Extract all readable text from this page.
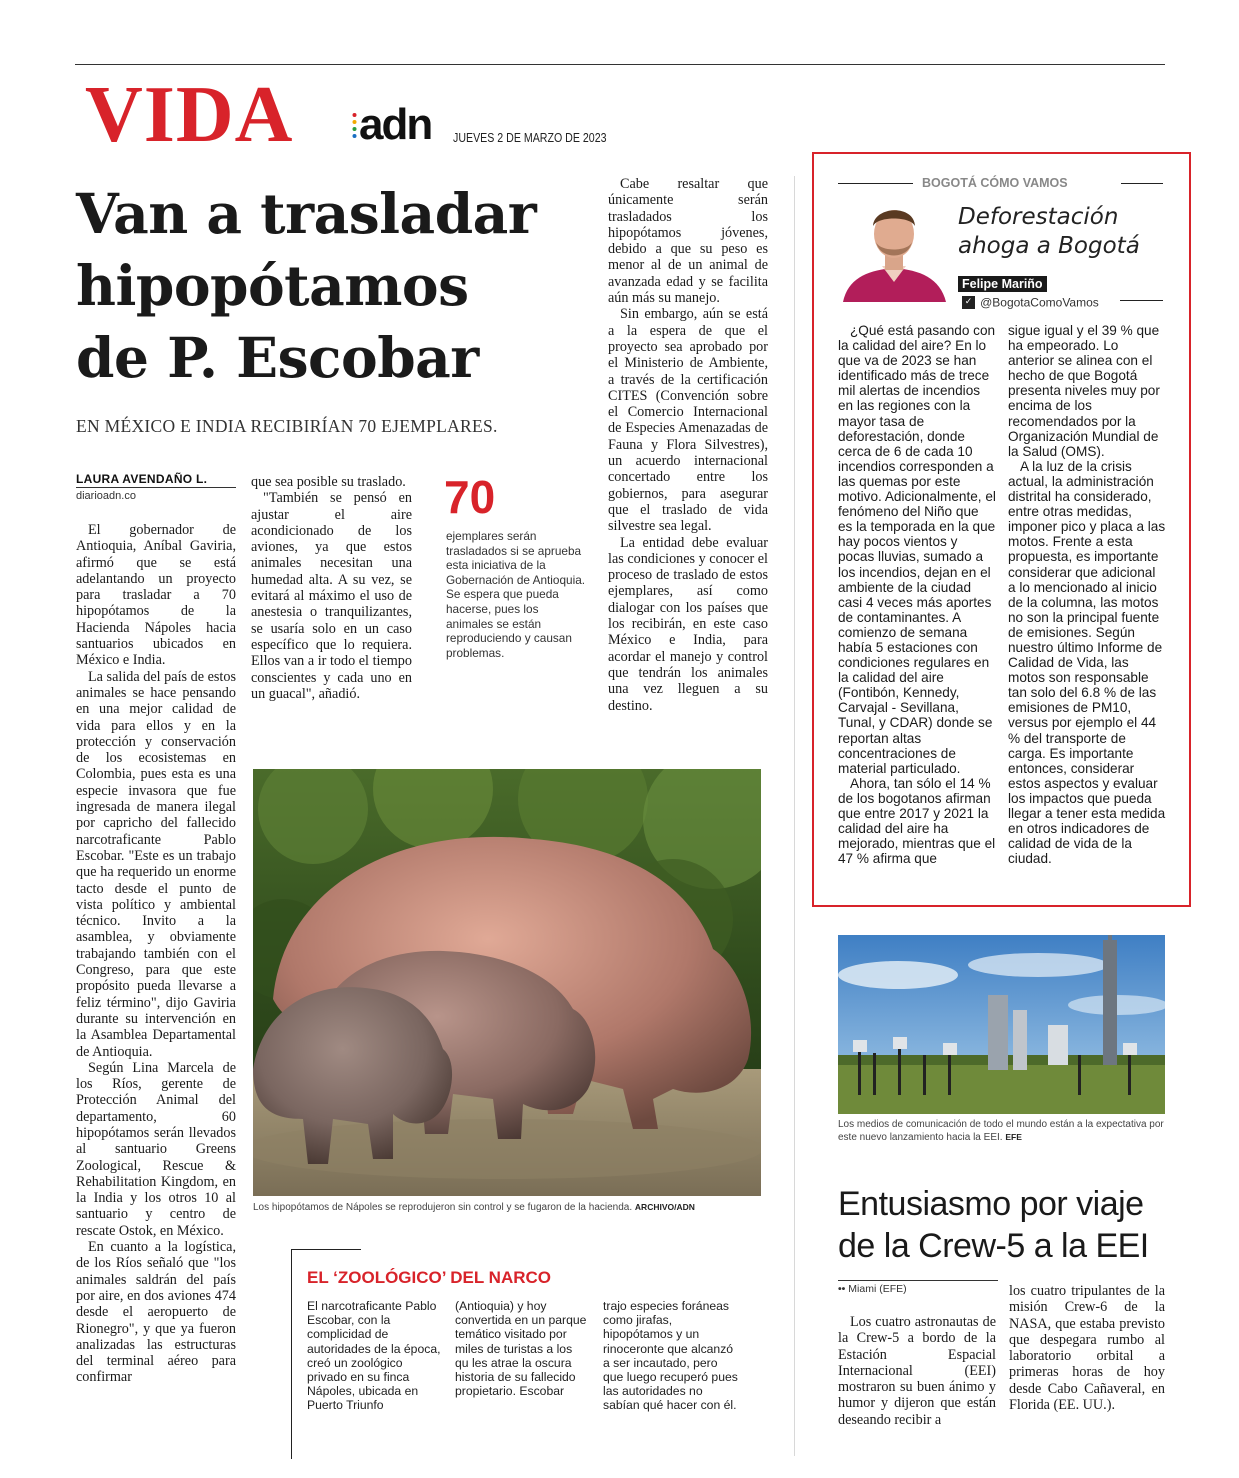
VIDA adn JUEVES 2 DE MARZO DE 2023
Van a trasladar
hipopótamos
de P. Escobar
EN MÉXICO E INDIA RECIBIRÍAN 70 EJEMPLARES.
LAURA AVENDAÑO L.
diarioadn.co

El gobernador de Antioquia, Aníbal Gaviria, afirmó que se está adelantando un proyecto para trasladar a 70 hipopótamos de la Hacienda Nápoles hacia santuarios ubicados en México e India.

La salida del país de estos animales se hace pensando en una mejor calidad de vida para ellos y en la protección y conservación de los ecosistemas en Colombia, pues esta es una especie invasora que fue ingresada de manera ilegal por capricho del fallecido narcotraficante Pablo Escobar. "Este es un trabajo que ha requerido un enorme tacto desde el punto de vista político y ambiental técnico. Invito a la asamblea, y obviamente trabajando también con el Congreso, para que este propósito pueda llevarse a feliz término", dijo Gaviria durante su intervención en la Asamblea Departamental de Antioquia.

Según Lina Marcela de los Ríos, gerente de Protección Animal del departamento, 60 hipopótamos serán llevados al santuario Greens Zoological, Rescue & Rehabilitation Kingdom, en la India y los otros 10 al santuario y centro de rescate Ostok, en México.

En cuanto a la logística, de los Ríos señaló que "los animales saldrán del país por aire, en dos aviones 474 desde el aeropuerto de Rionegro", y que ya fueron analizadas las estructuras del terminal aéreo para confirmar

que sea posible su traslado.

"También se pensó en ajustar el aire acondicionado de los aviones, ya que estos animales necesitan una humedad alta. A su vez, se evitará al máximo el uso de anestesia o tranquilizantes, se usaría solo en un caso específico que lo requiera. Ellos van a ir todo el tiempo conscientes y cada uno en un guacal", añadió.

70
ejemplares serán trasladados si se aprueba esta iniciativa de la Gobernación de Antioquia. Se espera que pueda hacerse, pues los animales se están reproduciendo y causan problemas.

Cabe resaltar que únicamente serán trasladados los hipopótamos jóvenes, debido a que su peso es menor al de un animal de avanzada edad y se facilita aún más su manejo.

Sin embargo, aún se está a la espera de que el proyecto sea aprobado por el Ministerio de Ambiente, a través de la certificación CITES (Convención sobre el Comercio Internacional de Especies Amenazadas de Fauna y Flora Silvestres), un acuerdo internacional concertado entre los gobiernos, para asegurar que el traslado de vida silvestre sea legal.

La entidad debe evaluar las condiciones y conocer el proceso de traslado de estos ejemplares, así como dialogar con los países que los recibirán, en este caso México e India, para acordar el manejo y control que tendrán los animales una vez lleguen a su destino.

Los hipopótamos de Nápoles se reprodujeron sin control y se fugaron de la hacienda. ARCHIVO/ADN
EL ‘ZOOLÓGICO’ DEL NARCO
El narcotraficante Pablo Escobar, con la complicidad de autoridades de la época, creó un zoológico privado en su finca Nápoles, ubicada en Puerto Triunfo
(Antioquia) y hoy convertida en un parque temático visitado por miles de turistas a los qu les atrae la oscura historia de su fallecido propietario. Escobar
trajo especies foráneas como jirafas, hipopótamos y un rinoceronte que alcanzó a ser incautado, pero que luego recuperó pues las autoridades no sabían qué hacer con él.
BOGOTÁ CÓMO VAMOS
Deforestación
ahoga a Bogotá
Felipe Mariño
✓ @BogotaComoVamos

¿Qué está pasando con la calidad del aire? En lo que va de 2023 se han identificado más de trece mil alertas de incendios en las regiones con la mayor tasa de deforestación, donde cerca de 6 de cada 10 incendios corresponden a las quemas por este motivo. Adicionalmente, el fenómeno del Niño que es la temporada en la que hay pocos vientos y pocas lluvias, sumado a los incendios, dejan en el ambiente de la ciudad casi 4 veces más aportes de contaminantes. A comienzo de semana había 5 estaciones con condiciones regulares en la calidad del aire (Fontibón, Kennedy, Carvajal - Sevillana, Tunal, y CDAR) donde se reportan altas concentraciones de material particulado.

Ahora, tan sólo el 14 % de los bogotanos afirman que entre 2017 y 2021 la calidad del aire ha mejorado, mientras que el 47 % afirma que

sigue igual y el 39 % que ha empeorado. Lo anterior se alinea con el hecho de que Bogotá presenta niveles muy por encima de los recomendados por la Organización Mundial de la Salud (OMS).

A la luz de la crisis actual, la administración distrital ha considerado, entre otras medidas, imponer pico y placa a las motos. Frente a esta propuesta, es importante considerar que adicional a lo mencionado al inicio de la columna, las motos no son la principal fuente de emisiones. Según nuestro último Informe de Calidad de Vida, las motos son responsable tan solo del 6.8 % de las emisiones de PM10, versus por ejemplo el 44 % del transporte de carga. Es importante entonces, considerar estos aspectos y evaluar los impactos que pueda llegar a tener esta medida en otros indicadores de calidad de vida de la ciudad.

Los medios de comunicación de todo el mundo están a la expectativa por este nuevo lanzamiento hacia la EEI. EFE
Entusiasmo por viaje
de la Crew-5 a la EEI
•• Miami (EFE)

Los cuatro astronautas de la Crew-5 a bordo de la Estación Espacial Internacional (EEI) mostraron su buen ánimo y humor y dijeron que están deseando recibir a

los cuatro tripulantes de la misión Crew-6 de la NASA, que estaba previsto que despegara rumbo al laboratorio orbital a primeras horas de hoy desde Cabo Cañaveral, en Florida (EE. UU.).
